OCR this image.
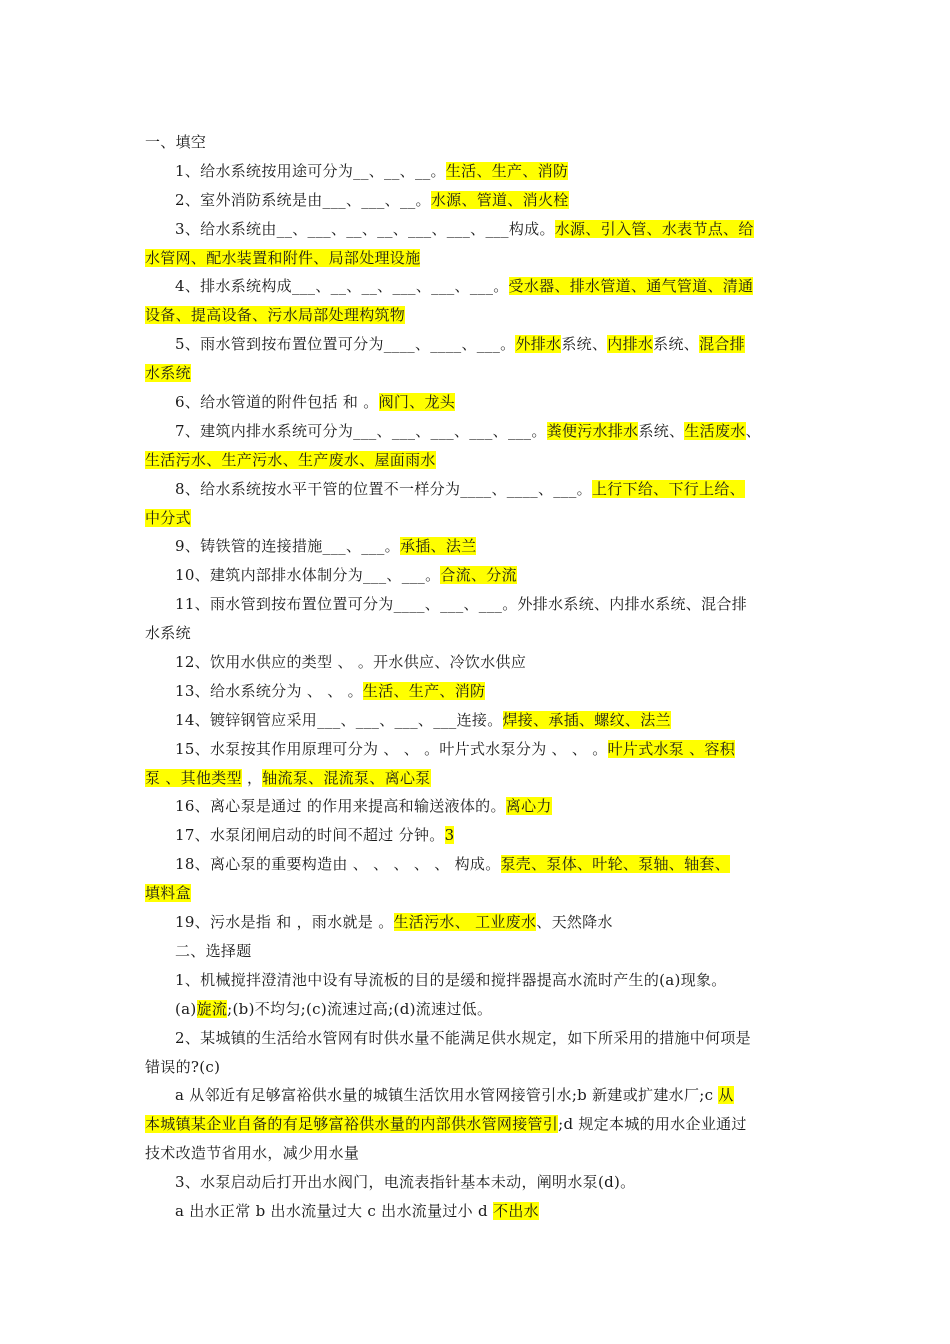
一、填空
1、给水系统按用途可分为__、__、__。生活、生产、消防
2、室外消防系统是由___、___、__。水源、管道、消火栓
3、给水系统由__、___、__、__、___、___、___构成。水源、引入管、水表节点、给
水管网、配水装置和附件、局部处理设施
4、排水系统构成___、__、__、___、___、___。受水器、排水管道、通气管道、清通
设备、提高设备、污水局部处理构筑物
5、雨水管到按布置位置可分为____、____、___。外排水系统、内排水系统、混合排
水系统
6、给水管道的附件包括 和 。阀门、龙头
7、建筑内排水系统可分为___、___、___、___、___。粪便污水排水系统、生活废水、
生活污水、生产污水、生产废水、屋面雨水
8、给水系统按水平干管的位置不一样分为____、____、___。上行下给、下行上给、
中分式
9、铸铁管的连接措施___、___。承插、法兰
10、建筑内部排水体制分为___、___。合流、分流
11、雨水管到按布置位置可分为____、___、___。外排水系统、内排水系统、混合排
水系统
12、饮用水供应的类型 、 。开水供应、冷饮水供应
13、给水系统分为 、 、 。生活、生产、消防
14、镀锌钢管应采用___、___、___、___连接。焊接、承插、螺纹、法兰
15、水泵按其作用原理可分为 、 、 。叶片式水泵分为 、 、 。叶片式水泵 、容积
泵 、其他类型 ，轴流泵、混流泵、离心泵
16、离心泵是通过 的作用来提高和输送液体的。离心力
17、水泵闭闸启动的时间不超过 分钟。3
18、离心泵的重要构造由 、 、 、 、 、 构成。泵壳、泵体、叶轮、泵轴、轴套、
填料盒
19、污水是指 和 ，雨水就是 。生活污水、 工业废水、天然降水
二、选择题
1、机械搅拌澄清池中设有导流板的目的是缓和搅拌器提高水流时产生的(a)现象。
(a)旋流;(b)不均匀;(c)流速过高;(d)流速过低。
2、某城镇的生活给水管网有时供水量不能满足供水规定，如下所采用的措施中何项是
错误的?(c)
a 从邻近有足够富裕供水量的城镇生活饮用水管网接管引水;b 新建或扩建水厂;c 从
本城镇某企业自备的有足够富裕供水量的内部供水管网接管引;d 规定本城的用水企业通过
技术改造节省用水，减少用水量
3、水泵启动后打开出水阀门，电流表指针基本未动，阐明水泵(d)。
a 出水正常 b 出水流量过大 c 出水流量过小 d 不出水
